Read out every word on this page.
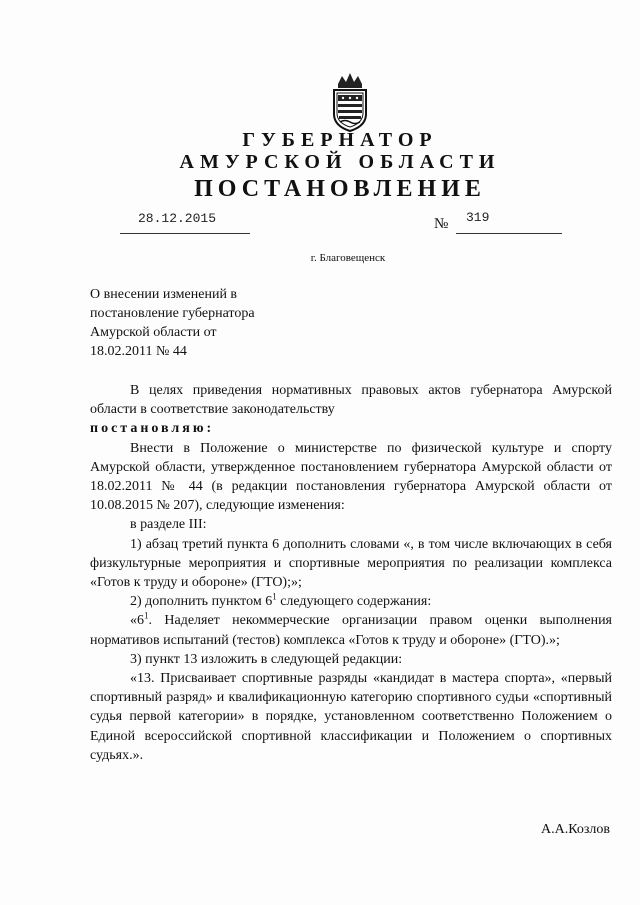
ГУБЕРНАТОР
АМУРСКОЙ ОБЛАСТИ
ПОСТАНОВЛЕНИЕ
28.12.2015	№ 319
г. Благовещенск
О внесении изменений в
постановление губернатора
Амурской области от
18.02.2011 № 44

В целях приведения нормативных правовых актов губернатора Амурской области в соответствие законодательству

постановляю:

Внести в Положение о министерстве по физической культуре и спорту Амурской области, утвержденное постановлением губернатора Амурской области от 18.02.2011 № 44 (в редакции постановления губернатора Амурской области от 10.08.2015 № 207), следующие изменения:

в разделе III:

1) абзац третий пункта 6 дополнить словами «, в том числе включающих в себя физкультурные мероприятия и спортивные мероприятия по реализации комплекса «Готов к труду и обороне» (ГТО);»;

2) дополнить пунктом $6^1$ следующего содержания:

«$6^1$. Наделяет некоммерческие организации правом оценки выполнения нормативов испытаний (тестов) комплекса «Готов к труду и обороне» (ГТО).»;

3) пункт 13 изложить в следующей редакции:

«13. Присваивает спортивные разряды «кандидат в мастера спорта», «первый спортивный разряд» и квалификационную категорию спортивного судьи «спортивный судья первой категории» в порядке, установленном соответственно Положением о Единой всероссийской спортивной классификации и Положением о спортивных судьях.».

А.А.Козлов
